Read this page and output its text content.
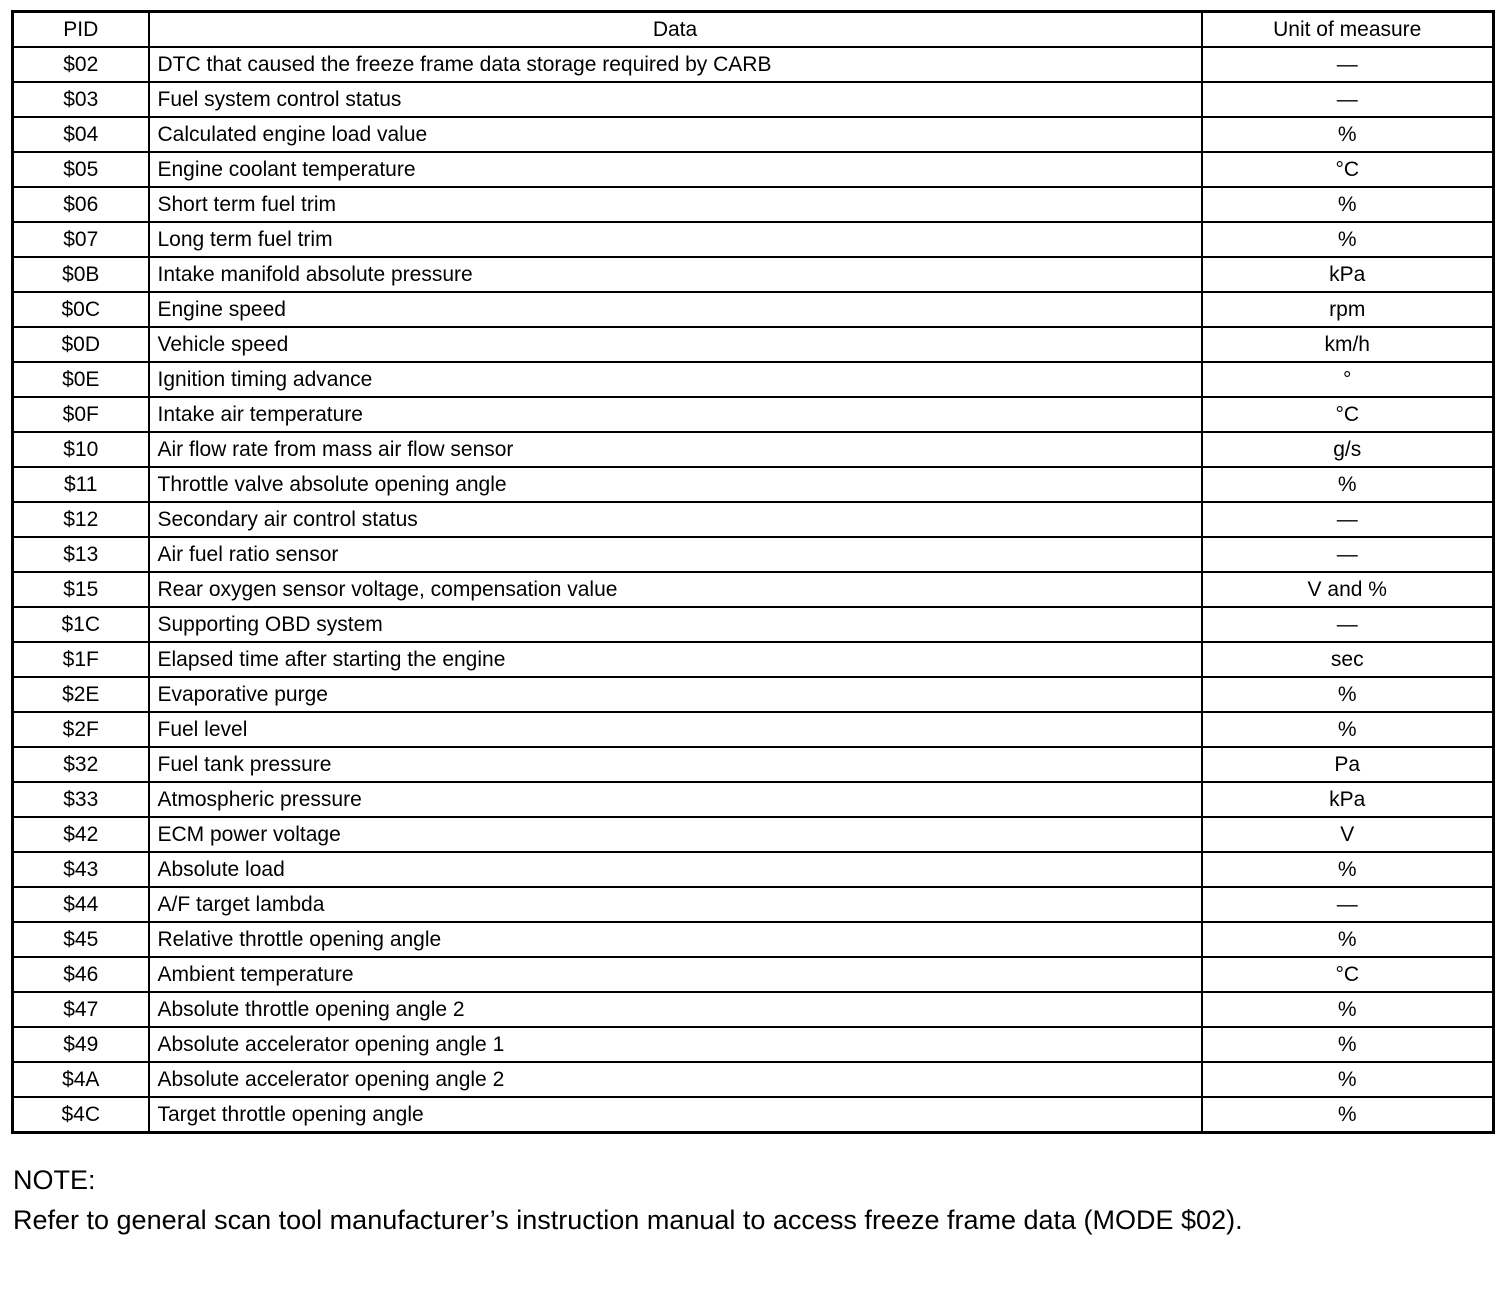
PID	Data	Unit of measure
$02	DTC that caused the freeze frame data storage required by CARB	—
$03	Fuel system control status	—
$04	Calculated engine load value	%
$05	Engine coolant temperature	°C
$06	Short term fuel trim	%
$07	Long term fuel trim	%
$0B	Intake manifold absolute pressure	kPa
$0C	Engine speed	rpm
$0D	Vehicle speed	km/h
$0E	Ignition timing advance	°
$0F	Intake air temperature	°C
$10	Air flow rate from mass air flow sensor	g/s
$11	Throttle valve absolute opening angle	%
$12	Secondary air control status	—
$13	Air fuel ratio sensor	—
$15	Rear oxygen sensor voltage, compensation value	V and %
$1C	Supporting OBD system	—
$1F	Elapsed time after starting the engine	sec
$2E	Evaporative purge	%
$2F	Fuel level	%
$32	Fuel tank pressure	Pa
$33	Atmospheric pressure	kPa
$42	ECM power voltage	V
$43	Absolute load	%
$44	A/F target lambda	—
$45	Relative throttle opening angle	%
$46	Ambient temperature	°C
$47	Absolute throttle opening angle 2	%
$49	Absolute accelerator opening angle 1	%
$4A	Absolute accelerator opening angle 2	%
$4C	Target throttle opening angle	%

NOTE:

Refer to general scan tool manufacturer’s instruction manual to access freeze frame data (MODE $02).
